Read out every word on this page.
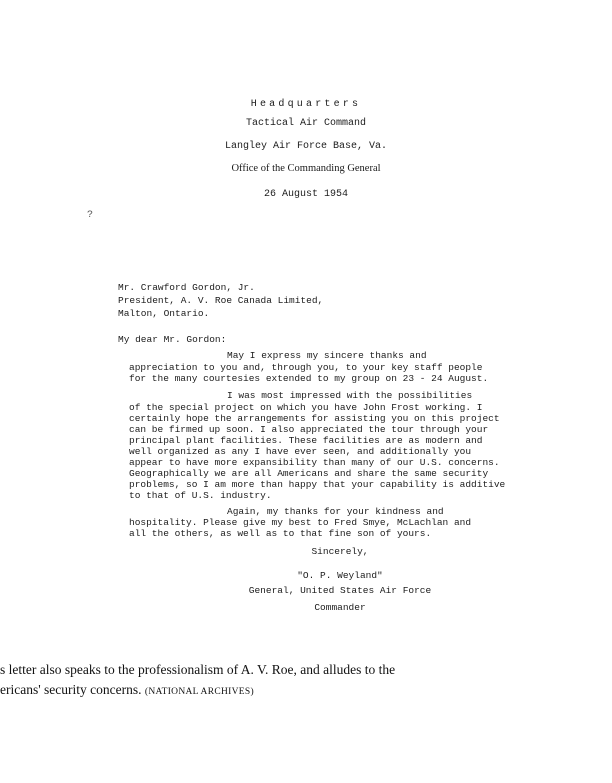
Headquarters
Tactical Air Command
Langley Air Force Base, Va.
Office of the Commanding General
26 August 1954
?
Mr. Crawford Gordon, Jr.
President, A. V. Roe Canada Limited,
Malton, Ontario.
My dear Mr. Gordon:
May I express my sincere thanks and
appreciation to you and, through you, to your key staff people
for the many courtesies extended to my group on 23 - 24 August.
I was most impressed with the possibilities
of the special project on which you have John Frost working. I
certainly hope the arrangements for assisting you on this project
can be firmed up soon. I also appreciated the tour through your
principal plant facilities. These facilities are as modern and
well organized as any I have ever seen, and additionally you
appear to have more expansibility than many of our U.S. concerns.
Geographically we are all Americans and share the same security
problems, so I am more than happy that your capability is additive
to that of U.S. industry.
Again, my thanks for your kindness and
hospitality. Please give my best to Fred Smye, McLachlan and
all the others, as well as to that fine son of yours.
Sincerely,
"O. P. Weyland"
General, United States Air Force
Commander
s letter also speaks to the professionalism of A. V. Roe, and alludes to the
ericans' security concerns. (NATIONAL ARCHIVES)
